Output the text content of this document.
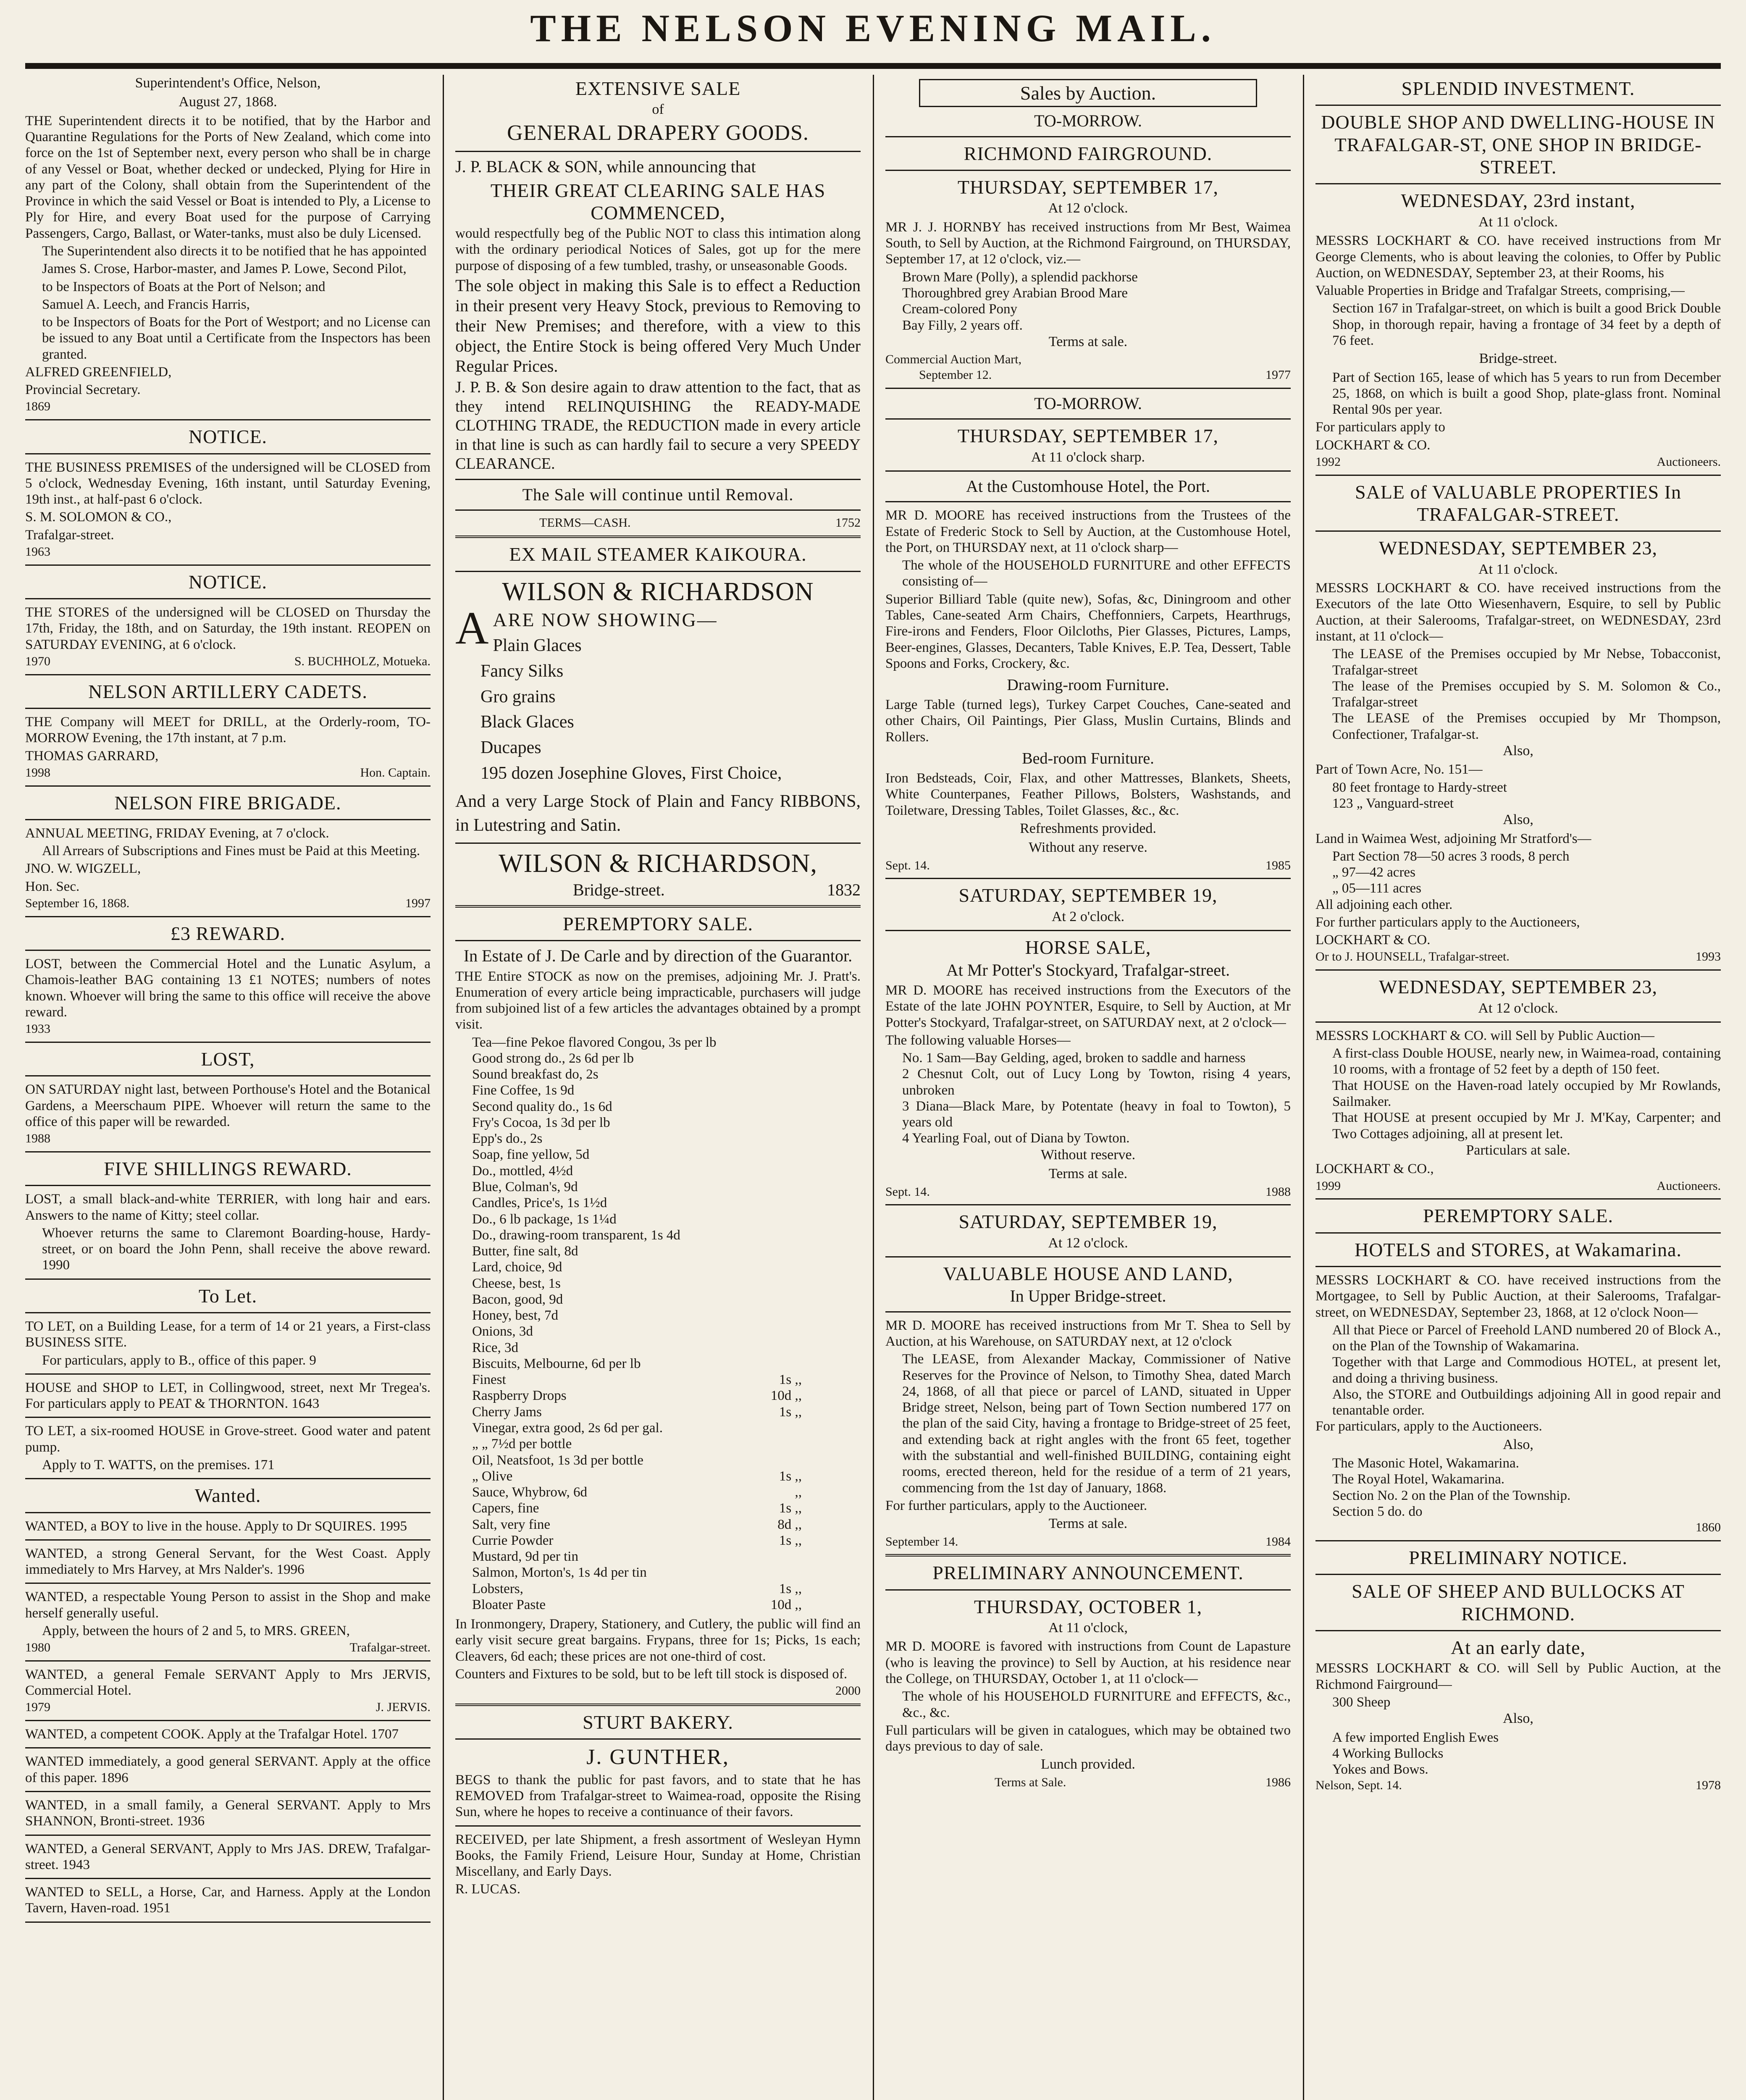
THE NELSON EVENING MAIL.
Superintendent's Office, Nelson,
August 27, 1868.

THE Superintendent directs it to be notified, that by the Harbor and Quarantine Regulations for the Ports of New Zealand, which come into force on the 1st of September next, every person who shall be in charge of any Vessel or Boat, whether decked or undecked, Plying for Hire in any part of the Colony, shall obtain from the Superintendent of the Province in which the said Vessel or Boat is intended to Ply, a License to Ply for Hire, and every Boat used for the purpose of Carrying Passengers, Cargo, Ballast, or Water-tanks, must also be duly Licensed.

The Superintendent also directs it to be notified that he has appointed

James S. Crose, Harbor-master, and James P. Lowe, Second Pilot,

to be Inspectors of Boats at the Port of Nelson; and

Samuel A. Leech, and Francis Harris,

to be Inspectors of Boats for the Port of Westport; and no License can be issued to any Boat until a Certificate from the Inspectors has been granted.

ALFRED GREENFIELD,

Provincial Secretary.

1869
NOTICE.

THE BUSINESS PREMISES of the undersigned will be CLOSED from 5 o'clock, Wednesday Evening, 16th instant, until Saturday Evening, 19th inst., at half-past 6 o'clock.

S. M. SOLOMON & CO.,

Trafalgar-street.

1963
NOTICE.

THE STORES of the undersigned will be CLOSED on Thursday the 17th, Friday, the 18th, and on Saturday, the 19th instant. REOPEN on SATURDAY EVENING, at 6 o'clock.

1970	S. BUCHHOLZ, Motueka.
NELSON ARTILLERY CADETS.

THE Company will MEET for DRILL, at the Orderly-room, TO-MORROW Evening, the 17th instant, at 7 p.m.

THOMAS GARRARD,

1998	Hon. Captain.
NELSON FIRE BRIGADE.

ANNUAL MEETING, FRIDAY Evening, at 7 o'clock.

All Arrears of Subscriptions and Fines must be Paid at this Meeting.

JNO. W. WIGZELL,

Hon. Sec.

September 16, 1868.	1997
£3 REWARD.

LOST, between the Commercial Hotel and the Lunatic Asylum, a Chamois-leather BAG containing 13 £1 NOTES; numbers of notes known. Whoever will bring the same to this office will receive the above reward.

1933
LOST,

ON SATURDAY night last, between Porthouse's Hotel and the Botanical Gardens, a Meerschaum PIPE. Whoever will return the same to the office of this paper will be rewarded.

1988
FIVE SHILLINGS REWARD.

LOST, a small black-and-white TERRIER, with long hair and ears. Answers to the name of Kitty; steel collar.

Whoever returns the same to Claremont Boarding-house, Hardy-street, or on board the John Penn, shall receive the above reward. 1990

To Let.

TO LET, on a Building Lease, for a term of 14 or 21 years, a First-class BUSINESS SITE.

For particulars, apply to B., office of this paper. 9

HOUSE and SHOP to LET, in Collingwood, street, next Mr Tregea's. For particulars apply to PEAT & THORNTON. 1643

TO LET, a six-roomed HOUSE in Grove-street. Good water and patent pump.

Apply to T. WATTS, on the premises. 171

Wanted.

WANTED, a BOY to live in the house. Apply to Dr SQUIRES. 1995

WANTED, a strong General Servant, for the West Coast. Apply immediately to Mrs Harvey, at Mrs Nalder's. 1996

WANTED, a respectable Young Person to assist in the Shop and make herself generally useful.

Apply, between the hours of 2 and 5, to MRS. GREEN,

1980	Trafalgar-street.

WANTED, a general Female SERVANT Apply to Mrs JERVIS, Commercial Hotel.

1979	J. JERVIS.

WANTED, a competent COOK. Apply at the Trafalgar Hotel. 1707

WANTED immediately, a good general SERVANT. Apply at the office of this paper. 1896

WANTED, in a small family, a General SERVANT. Apply to Mrs SHANNON, Bronti-street. 1936

WANTED, a General SERVANT, Apply to Mrs JAS. DREW, Trafalgar-street. 1943

WANTED to SELL, a Horse, Car, and Harness. Apply at the London Tavern, Haven-road. 1951

EXTENSIVE SALE
of
GENERAL DRAPERY GOODS.

J. P. BLACK & SON, while announcing that

THEIR GREAT CLEARING SALE HAS COMMENCED,

would respectfully beg of the Public NOT to class this intimation along with the ordinary periodical Notices of Sales, got up for the mere purpose of disposing of a few tumbled, trashy, or unseasonable Goods.

The sole object in making this Sale is to effect a Reduction in their present very Heavy Stock, previous to Removing to their New Premises; and therefore, with a view to this object, the Entire Stock is being offered Very Much Under Regular Prices.

J. P. B. & Son desire again to draw attention to the fact, that as they intend RELINQUISHING the READY-MADE CLOTHING TRADE, the REDUCTION made in every article in that line is such as can hardly fail to secure a very SPEEDY CLEARANCE.

The Sale will continue until Removal.
TERMS—CASH.	1752
EX MAIL STEAMER KAIKOURA.
WILSON & RICHARDSON

AARE NOW SHOWING—

Plain Glaces

Fancy Silks

Gro grains

Black Glaces

Ducapes

195 dozen Josephine Gloves, First Choice,

And a very Large Stock of Plain and Fancy RIBBONS, in Lutestring and Satin.

WILSON & RICHARDSON,
Bridge-street.	1832
PEREMPTORY SALE.
In Estate of J. De Carle and by direction of the Guarantor.

THE Entire STOCK as now on the premises, adjoining Mr. J. Pratt's. Enumeration of every article being impracticable, purchasers will judge from subjoined list of a few articles the advantages obtained by a prompt visit.

Tea—fine Pekoe flavored Congou, 3s per lb

Good strong do., 2s 6d per lb

Sound breakfast do, 2s

Fine Coffee, 1s 9d

Second quality do., 1s 6d

Fry's Cocoa, 1s 3d per lb

Epp's do., 2s

Soap, fine yellow, 5d

Do., mottled, 4½d

Blue, Colman's, 9d

Candles, Price's, 1s 1½d

Do., 6 lb package, 1s 1¼d

Do., drawing-room transparent, 1s 4d

Butter, fine salt, 8d

Lard, choice, 9d

Cheese, best, 1s

Bacon, good, 9d

Honey, best, 7d

Onions, 3d

Rice, 3d

Biscuits, Melbourne, 6d per lb

Finest	1s ,,

Raspberry Drops	10d ,,

Cherry Jams	1s ,,

Vinegar, extra good, 2s 6d per gal.

„ „ 7½d per bottle

Oil, Neatsfoot, 1s 3d per bottle

„ Olive	1s ,,

Sauce, Whybrow, 6d	,,

Capers, fine	1s ,,

Salt, very fine	8d ,,

Currie Powder	1s ,,

Mustard, 9d per tin

Salmon, Morton's, 1s 4d per tin

Lobsters,	1s ,,

Bloater Paste	10d ,,

In Ironmongery, Drapery, Stationery, and Cutlery, the public will find an early visit secure great bargains. Frypans, three for 1s; Picks, 1s each; Cleavers, 6d each; these prices are not one-third of cost.

Counters and Fixtures to be sold, but to be left till stock is disposed of.

2000
STURT BAKERY.
J. GUNTHER,

BEGS to thank the public for past favors, and to state that he has REMOVED from Trafalgar-street to Waimea-road, opposite the Rising Sun, where he hopes to receive a continuance of their favors.

RECEIVED, per late Shipment, a fresh assortment of Wesleyan Hymn Books, the Family Friend, Leisure Hour, Sunday at Home, Christian Miscellany, and Early Days.

R. LUCAS.

Sales by Auction.
TO-MORROW.
RICHMOND FAIRGROUND.
THURSDAY, SEPTEMBER 17,
At 12 o'clock.

MR J. J. HORNBY has received instructions from Mr Best, Waimea South, to Sell by Auction, at the Richmond Fairground, on THURSDAY, September 17, at 12 o'clock, viz.—

Brown Mare (Polly), a splendid packhorse

Thoroughbred grey Arabian Brood Mare

Cream-colored Pony

Bay Filly, 2 years off.

Terms at sale.
Commercial Auction Mart,
September 12.	1977
TO-MORROW.
THURSDAY, SEPTEMBER 17,
At 11 o'clock sharp.
At the Customhouse Hotel, the Port.

MR D. MOORE has received instructions from the Trustees of the Estate of Frederic Stock to Sell by Auction, at the Customhouse Hotel, the Port, on THURSDAY next, at 11 o'clock sharp—

The whole of the HOUSEHOLD FURNITURE and other EFFECTS consisting of—

Superior Billiard Table (quite new), Sofas, &c, Diningroom and other Tables, Cane-seated Arm Chairs, Cheffonniers, Carpets, Hearthrugs, Fire-irons and Fenders, Floor Oilcloths, Pier Glasses, Pictures, Lamps, Beer-engines, Glasses, Decanters, Table Knives, E.P. Tea, Dessert, Table Spoons and Forks, Crockery, &c.

Drawing-room Furniture.

Large Table (turned legs), Turkey Carpet Couches, Cane-seated and other Chairs, Oil Paintings, Pier Glass, Muslin Curtains, Blinds and Rollers.

Bed-room Furniture.

Iron Bedsteads, Coir, Flax, and other Mattresses, Blankets, Sheets, White Counterpanes, Feather Pillows, Bolsters, Washstands, and Toiletware, Dressing Tables, Toilet Glasses, &c., &c.

Refreshments provided.
Without any reserve.
Sept. 14.	1985
SATURDAY, SEPTEMBER 19,
At 2 o'clock.
HORSE SALE,
At Mr Potter's Stockyard, Trafalgar-street.

MR D. MOORE has received instructions from the Executors of the Estate of the late JOHN POYNTER, Esquire, to Sell by Auction, at Mr Potter's Stockyard, Trafalgar-street, on SATURDAY next, at 2 o'clock—

The following valuable Horses—

No. 1 Sam—Bay Gelding, aged, broken to saddle and harness

2 Chesnut Colt, out of Lucy Long by Towton, rising 4 years, unbroken

3 Diana—Black Mare, by Potentate (heavy in foal to Towton), 5 years old

4 Yearling Foal, out of Diana by Towton.

Without reserve.
Terms at sale.
Sept. 14.	1988
SATURDAY, SEPTEMBER 19,
At 12 o'clock.
VALUABLE HOUSE AND LAND,
In Upper Bridge-street.

MR D. MOORE has received instructions from Mr T. Shea to Sell by Auction, at his Warehouse, on SATURDAY next, at 12 o'clock

The LEASE, from Alexander Mackay, Commissioner of Native Reserves for the Province of Nelson, to Timothy Shea, dated March 24, 1868, of all that piece or parcel of LAND, situated in Upper Bridge street, Nelson, being part of Town Section numbered 177 on the plan of the said City, having a frontage to Bridge-street of 25 feet, and extending back at right angles with the front 65 feet, together with the substantial and well-finished BUILDING, containing eight rooms, erected thereon, held for the residue of a term of 21 years, commencing from the 1st day of January, 1868.

For further particulars, apply to the Auctioneer.

Terms at sale.
September 14.	1984
PRELIMINARY ANNOUNCEMENT.
THURSDAY, OCTOBER 1,
At 11 o'clock,

MR D. MOORE is favored with instructions from Count de Lapasture (who is leaving the province) to Sell by Auction, at his residence near the College, on THURSDAY, October 1, at 11 o'clock—

The whole of his HOUSEHOLD FURNITURE and EFFECTS, &c., &c., &c.

Full particulars will be given in catalogues, which may be obtained two days previous to day of sale.

Lunch provided.
Terms at Sale.	1986
SPLENDID INVESTMENT.
DOUBLE SHOP AND DWELLING-HOUSE IN TRAFALGAR-ST, ONE SHOP IN BRIDGE-STREET.
WEDNESDAY, 23rd instant,
At 11 o'clock.

MESSRS LOCKHART & CO. have received instructions from Mr George Clements, who is about leaving the colonies, to Offer by Public Auction, on WEDNESDAY, September 23, at their Rooms, his

Valuable Properties in Bridge and Trafalgar Streets, comprising,—

Section 167 in Trafalgar-street, on which is built a good Brick Double Shop, in thorough repair, having a frontage of 34 feet by a depth of 76 feet.

Bridge-street.

Part of Section 165, lease of which has 5 years to run from December 25, 1868, on which is built a good Shop, plate-glass front. Nominal Rental 90s per year.

For particulars apply to

LOCKHART & CO.

1992	Auctioneers.
SALE of VALUABLE PROPERTIES In TRAFALGAR-STREET.
WEDNESDAY, SEPTEMBER 23,
At 11 o'clock.

MESSRS LOCKHART & CO. have received instructions from the Executors of the late Otto Wiesenhavern, Esquire, to sell by Public Auction, at their Salerooms, Trafalgar-street, on WEDNESDAY, 23rd instant, at 11 o'clock—

The LEASE of the Premises occupied by Mr Nebse, Tobacconist, Trafalgar-street

The lease of the Premises occupied by S. M. Solomon & Co., Trafalgar-street

The LEASE of the Premises occupied by Mr Thompson, Confectioner, Trafalgar-st.

Also,

Part of Town Acre, No. 151—

80 feet frontage to Hardy-street

123 „ Vanguard-street

Also,

Land in Waimea West, adjoining Mr Stratford's—

Part Section 78—50 acres 3 roods, 8 perch

„ 97—42 acres

„ 05—111 acres

All adjoining each other.

For further particulars apply to the Auctioneers,

LOCKHART & CO.

Or to J. HOUNSELL, Trafalgar-street.	1993
WEDNESDAY, SEPTEMBER 23,
At 12 o'clock.

MESSRS LOCKHART & CO. will Sell by Public Auction—

A first-class Double HOUSE, nearly new, in Waimea-road, containing 10 rooms, with a frontage of 52 feet by a depth of 150 feet.

That HOUSE on the Haven-road lately occupied by Mr Rowlands, Sailmaker.

That HOUSE at present occupied by Mr J. M'Kay, Carpenter; and Two Cottages adjoining, all at present let.

Particulars at sale.

LOCKHART & CO.,

1999	Auctioneers.
PEREMPTORY SALE.
HOTELS and STORES, at Wakamarina.

MESSRS LOCKHART & CO. have received instructions from the Mortgagee, to Sell by Public Auction, at their Salerooms, Trafalgar-street, on WEDNESDAY, September 23, 1868, at 12 o'clock Noon—

All that Piece or Parcel of Freehold LAND numbered 20 of Block A., on the Plan of the Township of Wakamarina.

Together with that Large and Commodious HOTEL, at present let, and doing a thriving business.

Also, the STORE and Outbuildings adjoining All in good repair and tenantable order.

For particulars, apply to the Auctioneers.

Also,

The Masonic Hotel, Wakamarina.

The Royal Hotel, Wakamarina.

Section No. 2 on the Plan of the Township.

Section 5 do. do

1860
PRELIMINARY NOTICE.
SALE OF SHEEP AND BULLOCKS AT RICHMOND.
At an early date,

MESSRS LOCKHART & CO. will Sell by Public Auction, at the Richmond Fairground—

300 Sheep

Also,

A few imported English Ewes

4 Working Bullocks

Yokes and Bows.

Nelson, Sept. 14.	1978
